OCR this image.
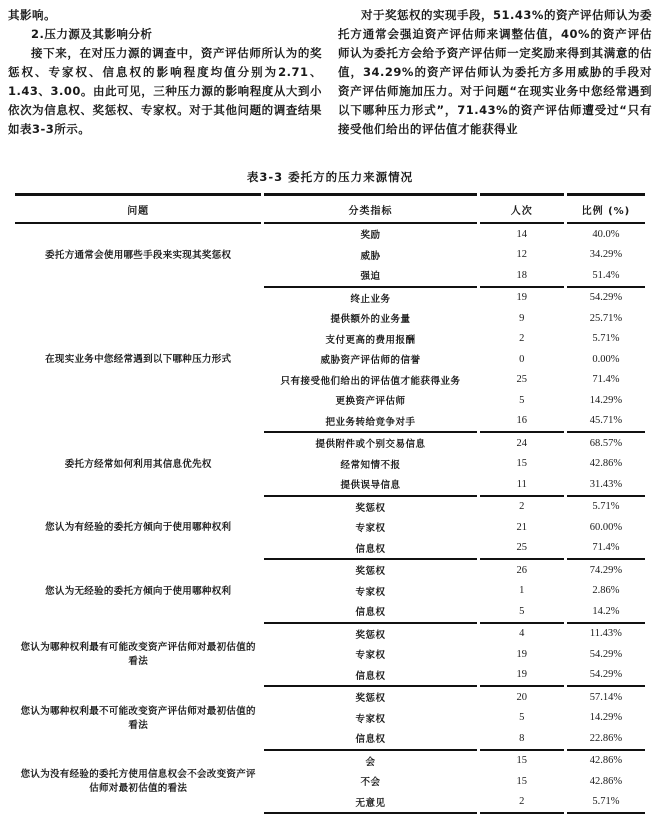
其影响。
2.压力源及其影响分析
接下来，在对压力源的调查中，资产评估师所认为的奖惩权、专家权、信息权的影响程度均值分别为2.71、1.43、3.00。由此可见，三种压力源的影响程度从大到小依次为信息权、奖惩权、专家权。对于其他问题的调查结果如表3-3所示。
对于奖惩权的实现手段，51.43%的资产评估师认为委托方通常会强迫资产评估师来调整估值，40%的资产评估师认为委托方会给予资产评估师一定奖励来得到其满意的估值，34.29%的资产评估师认为委托方多用威胁的手段对资产评估师施加压力。对于问题“在现实业务中您经常遇到以下哪种压力形式”，71.43%的资产评估师遭受过“只有接受他们给出的评估值才能获得业
表3-3 委托方的压力来源情况
问题	分类指标	人次	比例 (%)
委托方通常会使用哪些手段来实现其奖惩权	奖励	14	40.0%
	威胁	12	34.29%
	强迫	18	51.4%
在现实业务中您经常遇到以下哪种压力形式	终止业务	19	54.29%
	提供额外的业务量	9	25.71%
	支付更高的费用报酬	2	5.71%
	威胁资产评估师的信誉	0	0.00%
	只有接受他们给出的评估值才能获得业务	25	71.4%
	更换资产评估师	5	14.29%
	把业务转给竞争对手	16	45.71%
委托方经常如何利用其信息优先权	提供附件或个别交易信息	24	68.57%
	经常知情不报	15	42.86%
	提供误导信息	11	31.43%
您认为有经验的委托方倾向于使用哪种权利	奖惩权	2	5.71%
	专家权	21	60.00%
	信息权	25	71.4%
您认为无经验的委托方倾向于使用哪种权利	奖惩权	26	74.29%
	专家权	1	2.86%
	信息权	5	14.2%
您认为哪种权利最有可能改变资产评估师对最初估值的看法	奖惩权	4	11.43%
	专家权	19	54.29%
	信息权	19	54.29%
您认为哪种权利最不可能改变资产评估师对最初估值的看法	奖惩权	20	57.14%
	专家权	5	14.29%
	信息权	8	22.86%
您认为没有经验的委托方使用信息权会不会改变资产评估师对最初估值的看法	会	15	42.86%
	不会	15	42.86%
	无意见	2	5.71%
